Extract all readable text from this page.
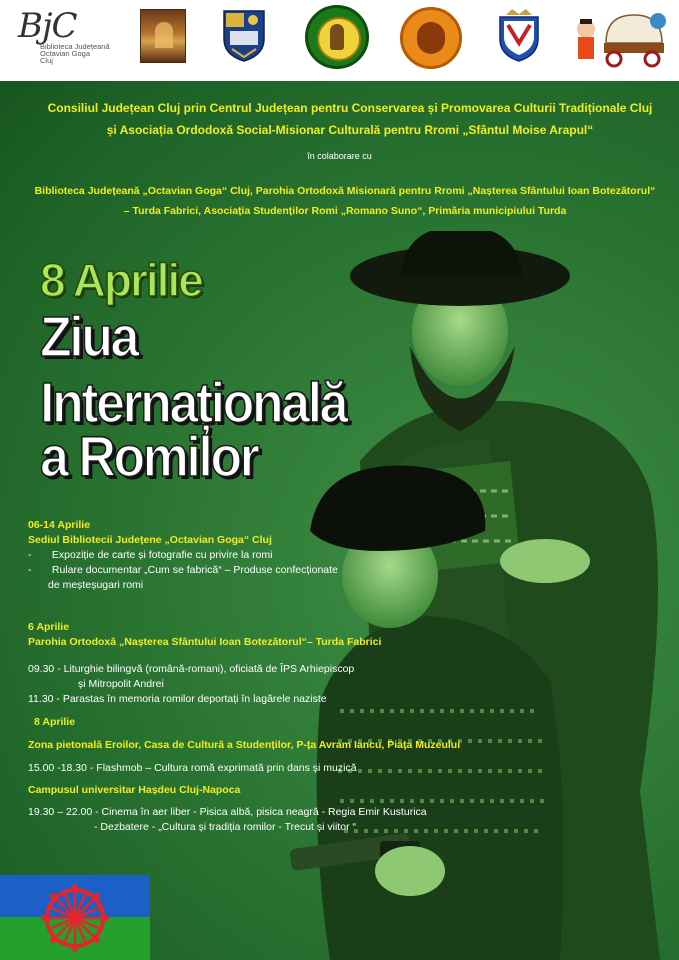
BjC
Biblioteca Județeană
Octavian Goga
Cluj
Consiliul Județean Cluj prin Centrul Județean pentru Conservarea și Promovarea Culturii Tradiționale Cluj
și Asociația Ordodoxă Social-Misionar Culturală pentru Rromi „Sfântul Moise Arapul“
în colaborare cu
Biblioteca Județeană „Octavian Goga“ Cluj, Parohia Ortodoxă Misionară pentru Rromi „Nașterea Sfântului Ioan Botezătorul“
– Turda Fabrici, Asociația Studenților Romi „Romano Suno“, Primăria municipiului Turda
8 Aprilie
Ziua
Internațională
a Romilor
06-14 Aprilie
Sediul Bibliotecii Județene „Octavian Goga“ Cluj
-       Expoziție de carte și fotografie cu privire la romi
-       Rulare documentar „Cum se fabrică“ – Produse confecționate
de meșteșugari romi
6 Aprilie
Parohia Ortodoxă „Nașterea Sfântului Ioan Botezătorul“– Turda Fabrici
09.30 - Liturghie bilingvă (română-romani), oficiată de ÎPS Arhiepiscop
și Mitropolit Andrei
11.30 - Parastas în memoria romilor deportați în lagărele naziste
8 Aprilie
Zona pietonală Eroilor, Casa de Cultură a Studenților, P-ța Avram Iancu, Piața Muzeului
15.00 -18.30 - Flashmob – Cultura romă exprimată prin dans și muzică
Campusul universitar Hașdeu Cluj-Napoca
19.30 – 22.00 - Cinema în aer liber - Pisica albă, pisica neagră - Regia Emir Kusturica
- Dezbatere - „Cultura și tradiția romilor - Trecut și viitor “
